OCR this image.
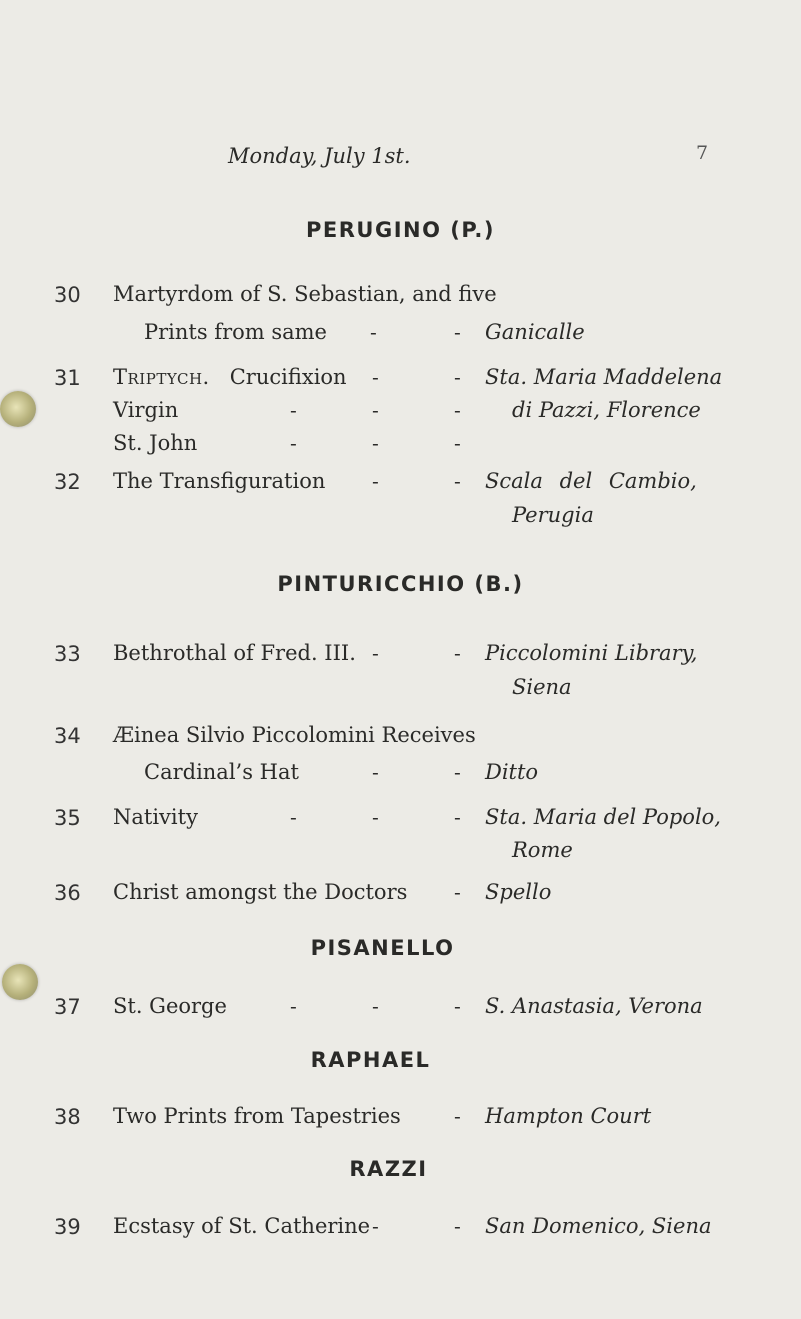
Monday, July 1st.	7
PERUGINO (P.)
30 Martyrdom of S. Sebastian, and five
Prints from same -	- Ganicalle
31 Triptych. Crucifixion -	- Sta. Maria Maddelena
Virgin	-	-	- di Pazzi, Florence
St. John	-	-	-
32 The Transfiguration -	- Scala del Cambio,
Perugia
PINTURICCHIO (B.)
33 Bethrothal of Fred. III. -	- Piccolomini Library,
Siena
34 Æinea Silvio Piccolomini Receives
Cardinal’s Hat	-	- Ditto
35 Nativity	-	-	- Sta. Maria del Popolo,
Rome
36 Christ amongst the Doctors - Spello
PISANELLO
37 St. George	-	-	- S. Anastasia, Verona
RAPHAEL
38 Two Prints from Tapestries	- Hampton Court
RAZZI
39 Ecstasy of St. Catherine -	- San Domenico, Siena
